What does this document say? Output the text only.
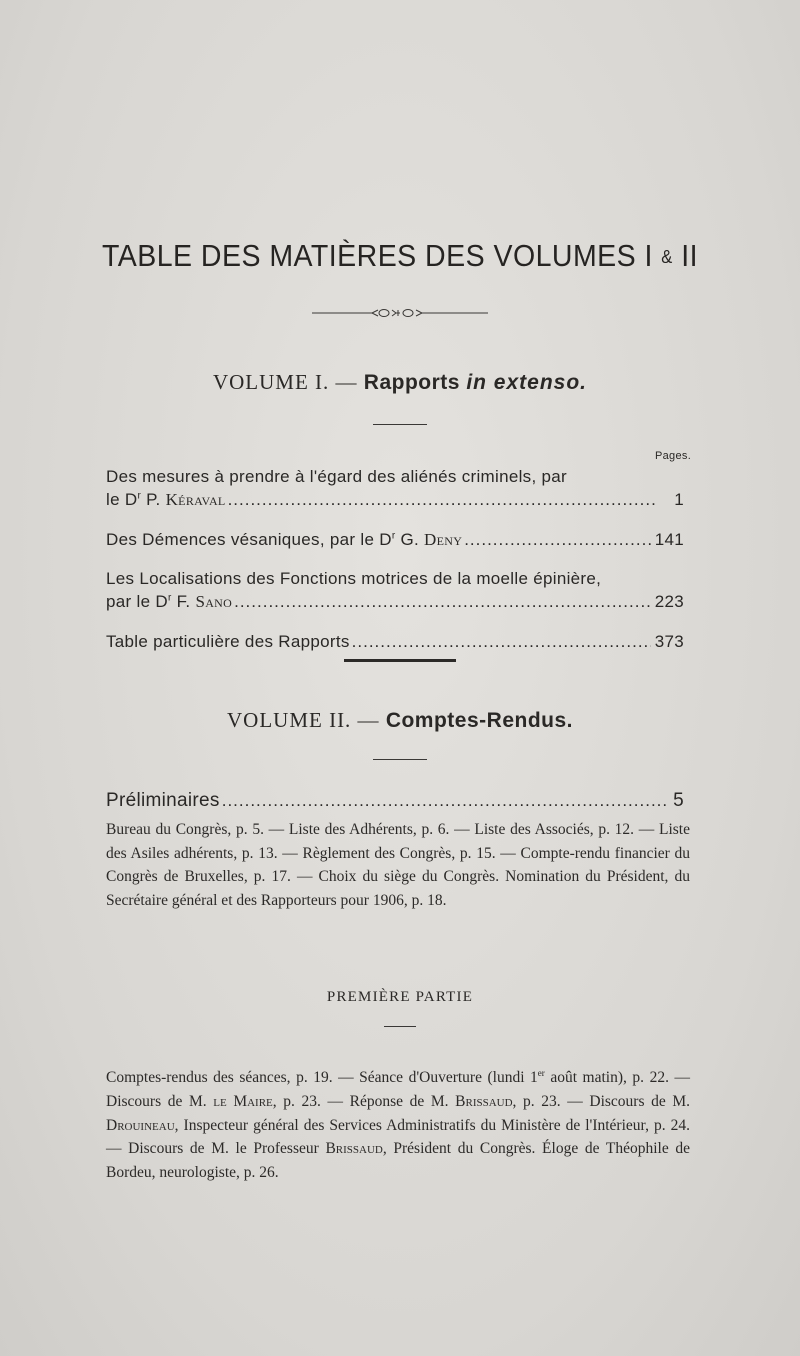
TABLE DES MATIÈRES DES VOLUMES I & II
VOLUME I. — Rapports in extenso.
Pages.
Des mesures à prendre à l'égard des aliénés criminels, par
le $D^r$ P. Kéraval .....	1
Des Démences vésaniques, par le $D^r$ G. Deny .....	141
Les Localisations des Fonctions motrices de la moelle épinière,
par le $D^r$ F. Sano .....	223
Table particulière des Rapports .....	373
VOLUME II. — Comptes-Rendus.
Préliminaires .....	5
Bureau du Congrès, p. 5. — Liste des Adhérents, p. 6. — Liste des Associés, p. 12. — Liste des Asiles adhérents, p. 13. — Règlement des Congrès, p. 15. — Compte-rendu financier du Congrès de Bruxelles, p. 17. — Choix du siège du Congrès. Nomination du Président, du Secrétaire général et des Rapporteurs pour 1906, p. 18.
PREMIÈRE PARTIE
Comptes-rendus des séances, p. 19. — Séance d'Ouverture (lundi 1er août matin), p. 22. — Discours de M. le Maire, p. 23. — Réponse de M. Brissaud, p. 23. — Discours de M. Drouineau, Inspecteur général des Services Administratifs du Ministère de l'Intérieur, p. 24. — Discours de M. le Professeur Brissaud, Président du Congrès. Éloge de Théophile de Bordeu, neurologiste, p. 26.
